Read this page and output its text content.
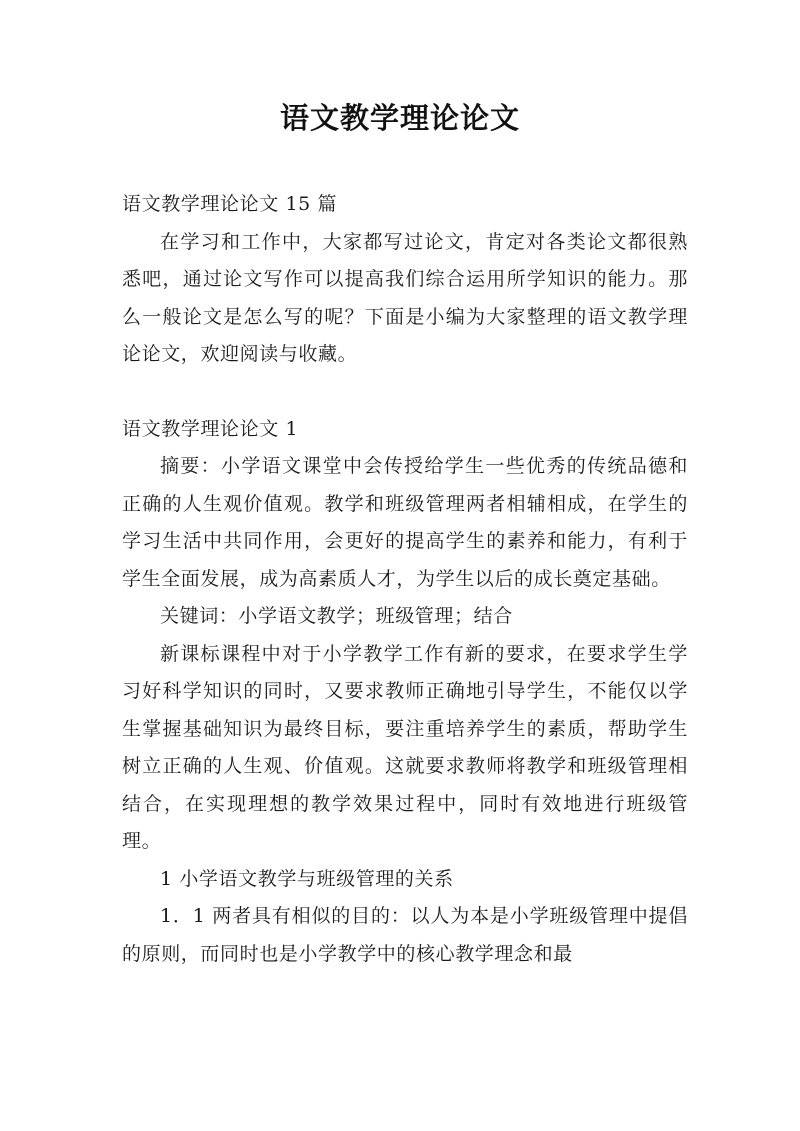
语文教学理论论文

语文教学理论论文 15 篇

在学习和工作中，大家都写过论文，肯定对各类论文都很熟悉吧，通过论文写作可以提高我们综合运用所学知识的能力。那么一般论文是怎么写的呢？下面是小编为大家整理的语文教学理论论文，欢迎阅读与收藏。

语文教学理论论文 1

摘要：小学语文课堂中会传授给学生一些优秀的传统品德和正确的人生观价值观。教学和班级管理两者相辅相成，在学生的学习生活中共同作用，会更好的提高学生的素养和能力，有利于学生全面发展，成为高素质人才，为学生以后的成长奠定基础。

关键词：小学语文教学；班级管理；结合

新课标课程中对于小学教学工作有新的要求，在要求学生学习好科学知识的同时，又要求教师正确地引导学生，不能仅以学生掌握基础知识为最终目标，要注重培养学生的素质，帮助学生树立正确的人生观、价值观。这就要求教师将教学和班级管理相结合，在实现理想的教学效果过程中，同时有效地进行班级管理。

1 小学语文教学与班级管理的关系

1．1 两者具有相似的目的：以人为本是小学班级管理中提倡的原则，而同时也是小学教学中的核心教学理念和最
